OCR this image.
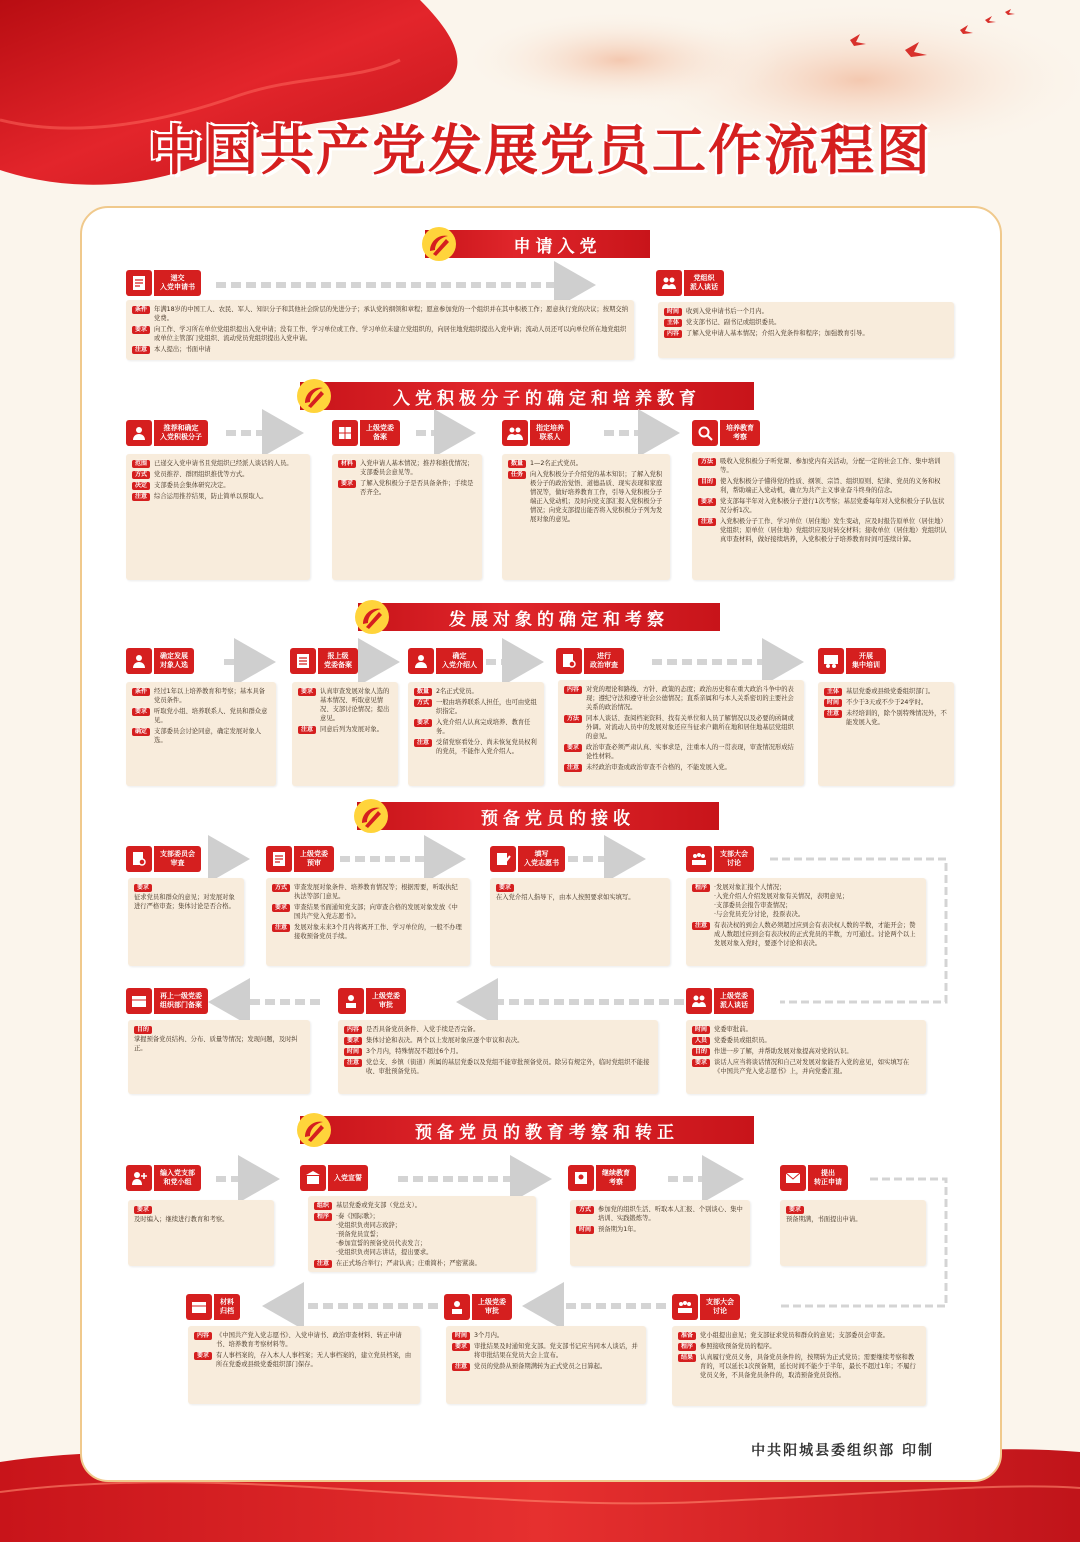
中国共产党发展党员工作流程图
申请入党
入党积极分子的确定和培养教育
发展对象的确定和考察
预备党员的接收
预备党员的教育考察和转正
递交
入党申请书
条件	年满18岁的中国工人、农民、军人、知识分子和其他社会阶层的先进分子；承认党的纲领和章程；愿意参加党的一个组织并在其中积极工作；愿意执行党的决议；按期交纳党费。
要求	向工作、学习所在单位党组织提出入党申请；没有工作、学习单位或工作、学习单位未建立党组织的，向居住地党组织提出入党申请；流动人员还可以向单位所在地党组织或单位主管部门党组织、流动党员党组织提出入党申请。
注意	本人提出；书面申请
党组织
派人谈话
时间	收到入党申请书后一个月内。
主体	党支部书记、副书记或组织委员。
内容	了解入党申请人基本情况；介绍入党条件和程序；加强教育引导。
推荐和确定
入党积极分子
范围	已递交入党申请书且党组织已经派人谈话的人员。
方式	党员推荐、群团组织推优等方式。
决定	支部委员会集体研究决定。
注意	综合运用推荐结果，防止简单以票取人。
上级党委
备案
材料	入党申请人基本情况；推荐和推优情况；支部委员会意见等。
要求	了解入党积极分子是否具备条件；手续是否齐全。
指定培养
联系人
数量	1—2名正式党员。
任务	向入党积极分子介绍党的基本知识；了解入党积极分子的政治觉悟、道德品质、现实表现和家庭情况等，做好培养教育工作，引导入党积极分子端正入党动机；及时向党支部汇报入党积极分子情况；向党支部提出能否将入党积极分子列为发展对象的意见。
培养教育
考察
方法	吸收入党积极分子听党课、参加党内有关活动，分配一定的社会工作、集中培训等。
目的	使入党积极分子懂得党的性质、纲领、宗旨、组织原则、纪律、党员的义务和权利，帮助端正入党动机，确立为共产主义事业奋斗终身的信念。
要求	党支部每半年对入党积极分子进行1次考察；基层党委每年对入党积极分子队伍状况分析1次。
注意	入党积极分子工作、学习单位（居住地）发生变动，应及时报告原单位（居住地）党组织；原单位（居住地）党组织应及时转交材料；接收单位（居住地）党组织认真审查材料，做好接续培养，入党积极分子培养教育时间可连续计算。
确定发展
对象人选
条件	经过1年以上培养教育和考察；基本具备党员条件。
要求	听取党小组、培养联系人、党员和群众意见。
确定	支部委员会讨论同意，确定发展对象人选。
报上级
党委备案
要求	认真审查发展对象人选的基本情况、听取意见情况、支部讨论情况；提出意见。
注意	同意后列为发展对象。
确定
入党介绍人
数量	2名正式党员。
方式	一般由培养联系人担任，也可由党组织指定。
要求	入党介绍人认真完成培养、教育任务。
注意	受留党察看处分、尚未恢复党员权利的党员，不能作入党介绍人。
进行
政治审查
内容	对党的理论和路线、方针、政策的态度；政治历史和在重大政治斗争中的表现；遵纪守法和遵守社会公德情况；直系亲属和与本人关系密切的主要社会关系的政治情况。
方法	同本人谈话、查阅档案资料、找有关单位和人员了解情况以及必要的函调或外调。对流动人员中的发展对象还应当征求户籍所在地和居住地基层党组织的意见。
要求	政治审查必须严肃认真、实事求是，注重本人的一贯表现，审查情况形成结论性材料。
注意	未经政治审查或政治审查不合格的，不能发展入党。
开展
集中培训
主体	基层党委或县级党委组织部门。
时间	不少于3天或不少于24学时。
注意	未经培训的，除个别特殊情况外，不能发展入党。
支部委员会
审查
要求
征求党员和群众的意见；对发展对象进行严格审查；集体讨论是否合格。
上级党委
预审
方式	审查发展对象条件、培养教育情况等；根据需要，听取执纪执法等部门意见。
要求	审查结果书面通知党支部；向审查合格的发展对象发放《中国共产党入党志愿书》。
注意	发展对象未来3个月内将离开工作、学习单位的，一般不办理接收预备党员手续。
填写
入党志愿书
要求
在入党介绍人指导下，由本人按照要求如实填写。
支部大会
讨论
程序	·发展对象汇报个人情况；
·入党介绍人介绍发展对象有关情况，表明意见；
·支部委员会报告审查情况；
·与会党员充分讨论，投票表决。
注意	有表决权的到会人数必须超过应到会有表决权人数的半数，才能开会；赞成人数超过应到会有表决权的正式党员的半数，方可通过。讨论两个以上发展对象入党时，要逐个讨论和表决。
再上一级党委
组织部门备案
目的
掌握预备党员结构、分布、质量等情况；发现问题，及时纠正。
上级党委
审批
内容	是否具备党员条件、入党手续是否完备。
要求	集体讨论和表决。两个以上发展对象应逐个审议和表决。
时间	3个月内，特殊情况不超过6个月。
注意	党总支、乡镇（街道）所属的基层党委以及党组不能审批预备党员。除另有规定外，临时党组织不能接收、审批预备党员。
上级党委
派人谈话
时间	党委审批前。
人员	党委委员或组织员。
目的	作进一步了解，并帮助发展对象提高对党的认识。
要求	谈话人应当将谈话情况和自己对发展对象能否入党的意见，如实填写在《中国共产党入党志愿书》上，并向党委汇报。
编入党支部
和党小组
要求
及时编入；继续进行教育和考察。
入党宣誓
组织	基层党委或党支部（党总支）。
程序	·奏《国际歌》；
·党组织负责同志致辞；
·预备党员宣誓；
·参加宣誓的预备党员代表发言；
·党组织负责同志讲话，提出要求。
注意	在正式场合举行；严肃认真；庄重简朴；严密紧凑。
继续教育
考察
方式	参加党的组织生活、听取本人汇报、个别谈心、集中培训、实践锻炼等。
时间	预备期为1年。
提出
转正申请
要求
预备期满，书面提出申请。
材料
归档
内容	《中国共产党入党志愿书》、入党申请书、政治审查材料、转正申请书、培养教育考察材料等。
要求	有人事档案的，存入本人人事档案；无人事档案的，建立党员档案，由所在党委或县级党委组织部门保存。
上级党委
审批
时间	3个月内。
要求	审批结果及时通知党支部。党支部书记应当同本人谈话，并将审批结果在党员大会上宣布。
注意	党员的党龄从预备期满转为正式党员之日算起。
支部大会
讨论
准备	党小组提出意见；党支部征求党员和群众的意见；支部委员会审查。
程序	参照接收预备党员的程序。
结果	认真履行党员义务，具备党员条件的，按期转为正式党员；需要继续考察和教育的，可以延长1次预备期，延长时间不能少于半年，最长不超过1年；不履行党员义务，不具备党员条件的，取消预备党员资格。
中共阳城县委组织部 印制
